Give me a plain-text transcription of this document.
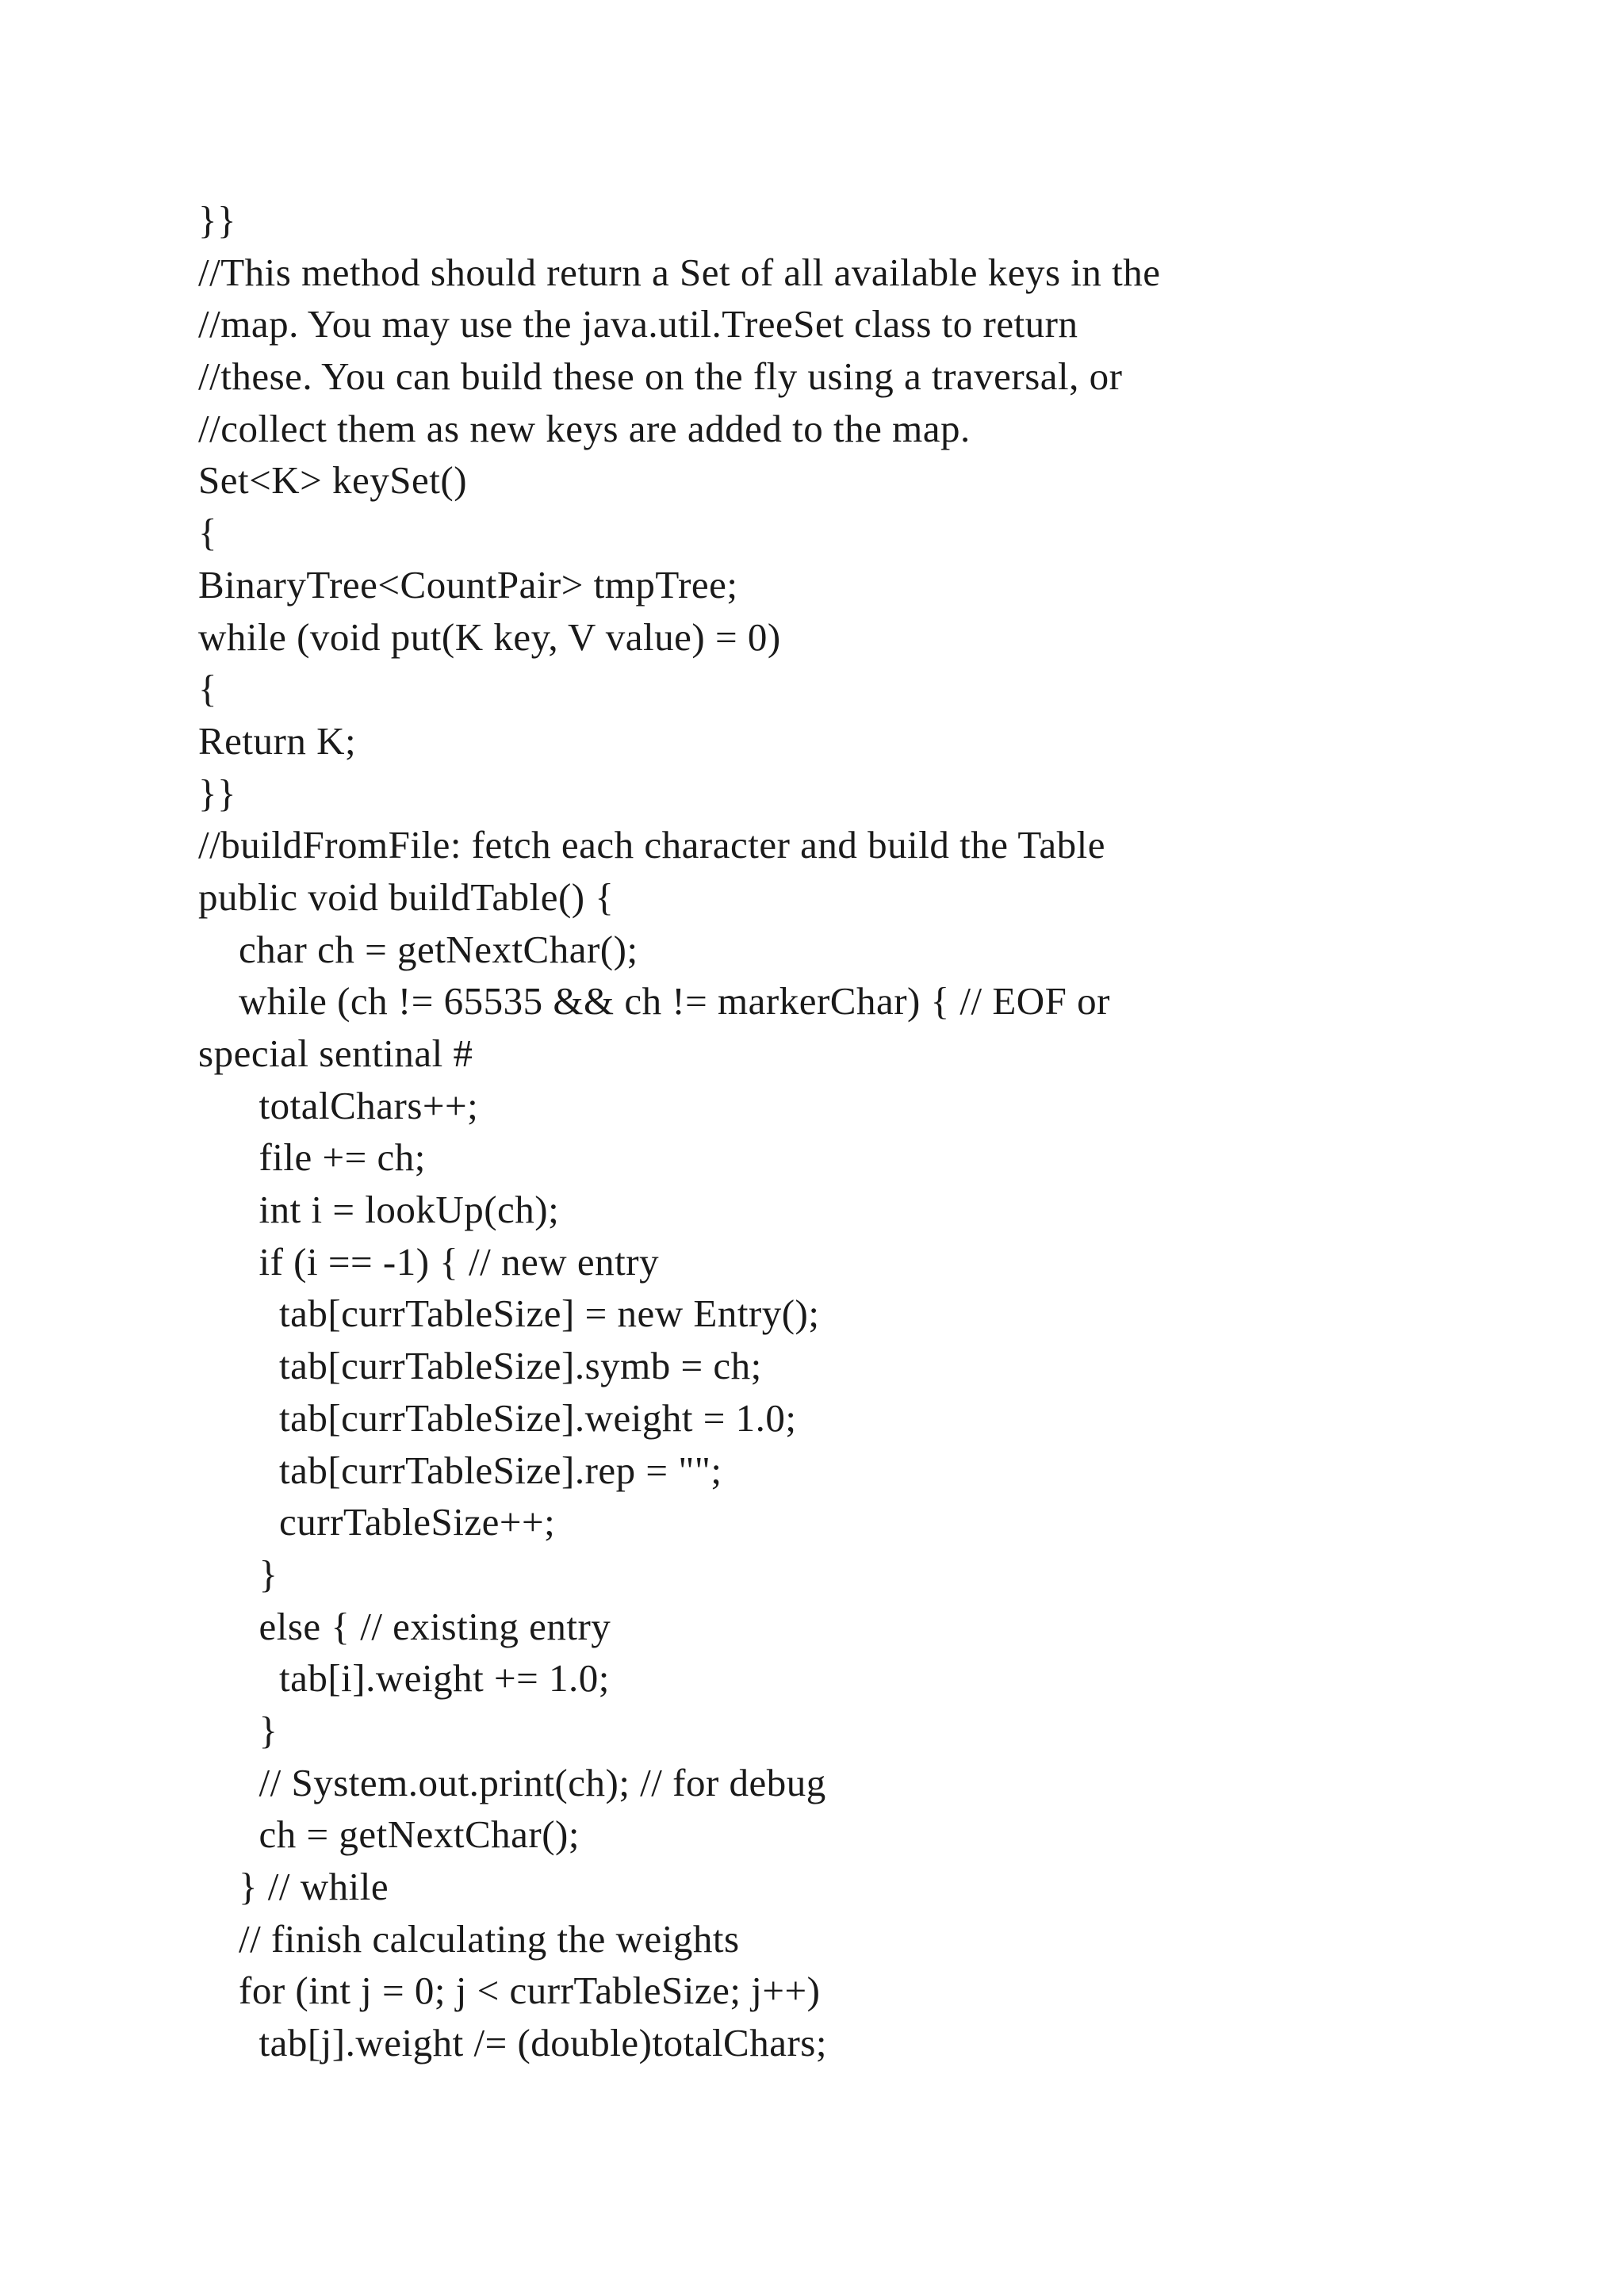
}}
//This method should return a Set of all available keys in the
//map. You may use the java.util.TreeSet class to return
//these. You can build these on the fly using a traversal, or
//collect them as new keys are added to the map.
Set<K> keySet()
{
BinaryTree<CountPair> tmpTree;
while (void put(K key, V value) = 0)
{
Return K;
}}
//buildFromFile: fetch each character and build the Table
public void buildTable() {
char ch = getNextChar();
while (ch != 65535 && ch != markerChar) { // EOF or
special sentinal #
totalChars++;
file += ch;
int i = lookUp(ch);
if (i == -1) { // new entry
tab[currTableSize] = new Entry();
tab[currTableSize].symb = ch;
tab[currTableSize].weight = 1.0;
tab[currTableSize].rep = "";
currTableSize++;
}
else { // existing entry
tab[i].weight += 1.0;
}
// System.out.print(ch); // for debug
ch = getNextChar();
} // while
// finish calculating the weights
for (int j = 0; j < currTableSize; j++)
tab[j].weight /= (double)totalChars;
